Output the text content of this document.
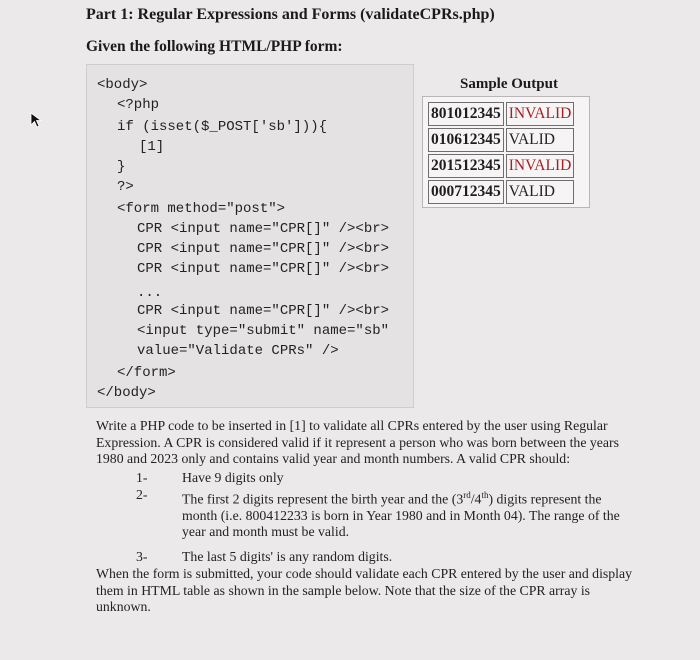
Part 1: Regular Expressions and Forms (validateCPRs.php)
Given the following HTML/PHP form:
<body>
<?php
if (isset($_POST['sb'])){
[1]
}
?>
<form method="post">
CPR <input name="CPR[]" /><br>
CPR <input name="CPR[]" /><br>
CPR <input name="CPR[]" /><br>
...
CPR <input name="CPR[]" /><br>
<input type="submit" name="sb"
value="Validate CPRs" />
</form>
</body>
Sample Output
801012345	INVALID
010612345	VALID
201512345	INVALID
000712345	VALID
Write a PHP code to be inserted in [1] to validate all CPRs entered by the user using Regular Expression. A CPR is considered valid if it represent a person who was born between the years 1980 and 2023 only and contains valid year and month numbers. A valid CPR should:
1-	Have 9 digits only
2-	The first 2 digits represent the birth year and the (3rd/4th) digits represent the month (i.e. 800412233 is born in Year 1980 and in Month 04). The range of the year and month must be valid.
3-	The last 5 digits' is any random digits.
When the form is submitted, your code should validate each CPR entered by the user and display them in HTML table as shown in the sample below. Note that the size of the CPR array is unknown.
